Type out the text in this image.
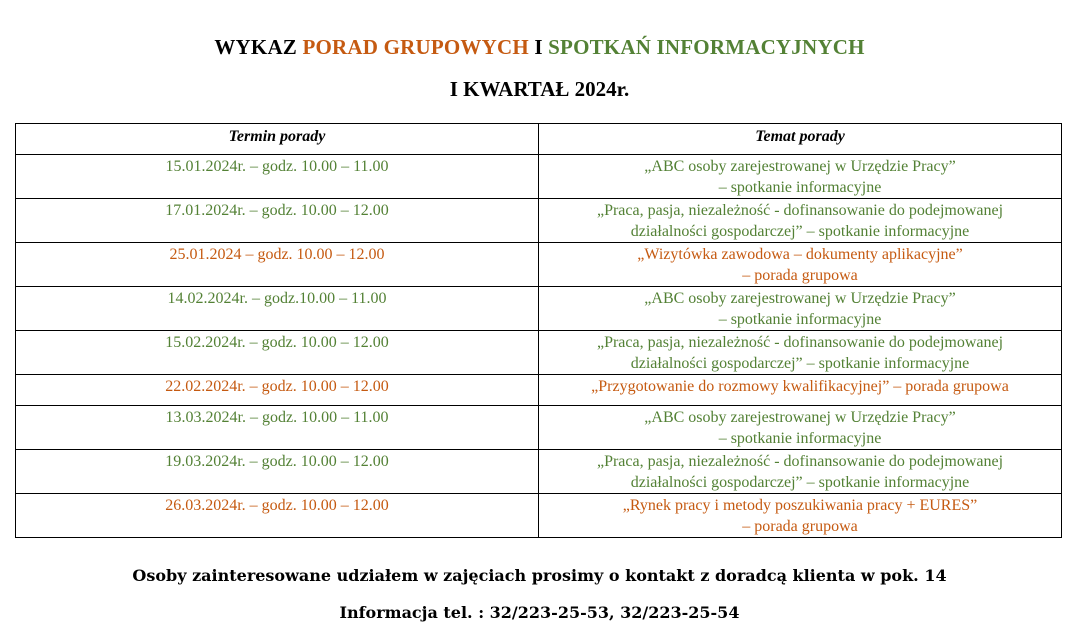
WYKAZ PORAD GRUPOWYCH I SPOTKAŃ INFORMACYJNYCH
I KWARTAŁ 2024r.
Termin porady	Temat porady
15.01.2024r. – godz. 10.00 – 11.00	„ABC osoby zarejestrowanej w Urzędzie Pracy”
– spotkanie informacyjne

17.01.2024r. – godz. 10.00 – 12.00	„Praca, pasja, niezależność - dofinansowanie do podejmowanej
działalności gospodarczej” – spotkanie informacyjne

25.01.2024 – godz. 10.00 – 12.00	„Wizytówka zawodowa – dokumenty aplikacyjne”
– porada grupowa

14.02.2024r. – godz.10.00 – 11.00	„ABC osoby zarejestrowanej w Urzędzie Pracy”
– spotkanie informacyjne

15.02.2024r. – godz. 10.00 – 12.00	„Praca, pasja, niezależność - dofinansowanie do podejmowanej
działalności gospodarczej” – spotkanie informacyjne

22.02.2024r. – godz. 10.00 – 12.00	„Przygotowanie do rozmowy kwalifikacyjnej” – porada grupowa

13.03.2024r. – godz. 10.00 – 11.00	„ABC osoby zarejestrowanej w Urzędzie Pracy”
– spotkanie informacyjne

19.03.2024r. – godz. 10.00 – 12.00	„Praca, pasja, niezależność - dofinansowanie do podejmowanej
działalności gospodarczej” – spotkanie informacyjne

26.03.2024r. – godz. 10.00 – 12.00	„Rynek pracy i metody poszukiwania pracy + EURES”
– porada grupowa
Osoby zainteresowane udziałem w zajęciach prosimy o kontakt z doradcą klienta w pok. 14
Informacja tel. : 32/223-25-53, 32/223-25-54
